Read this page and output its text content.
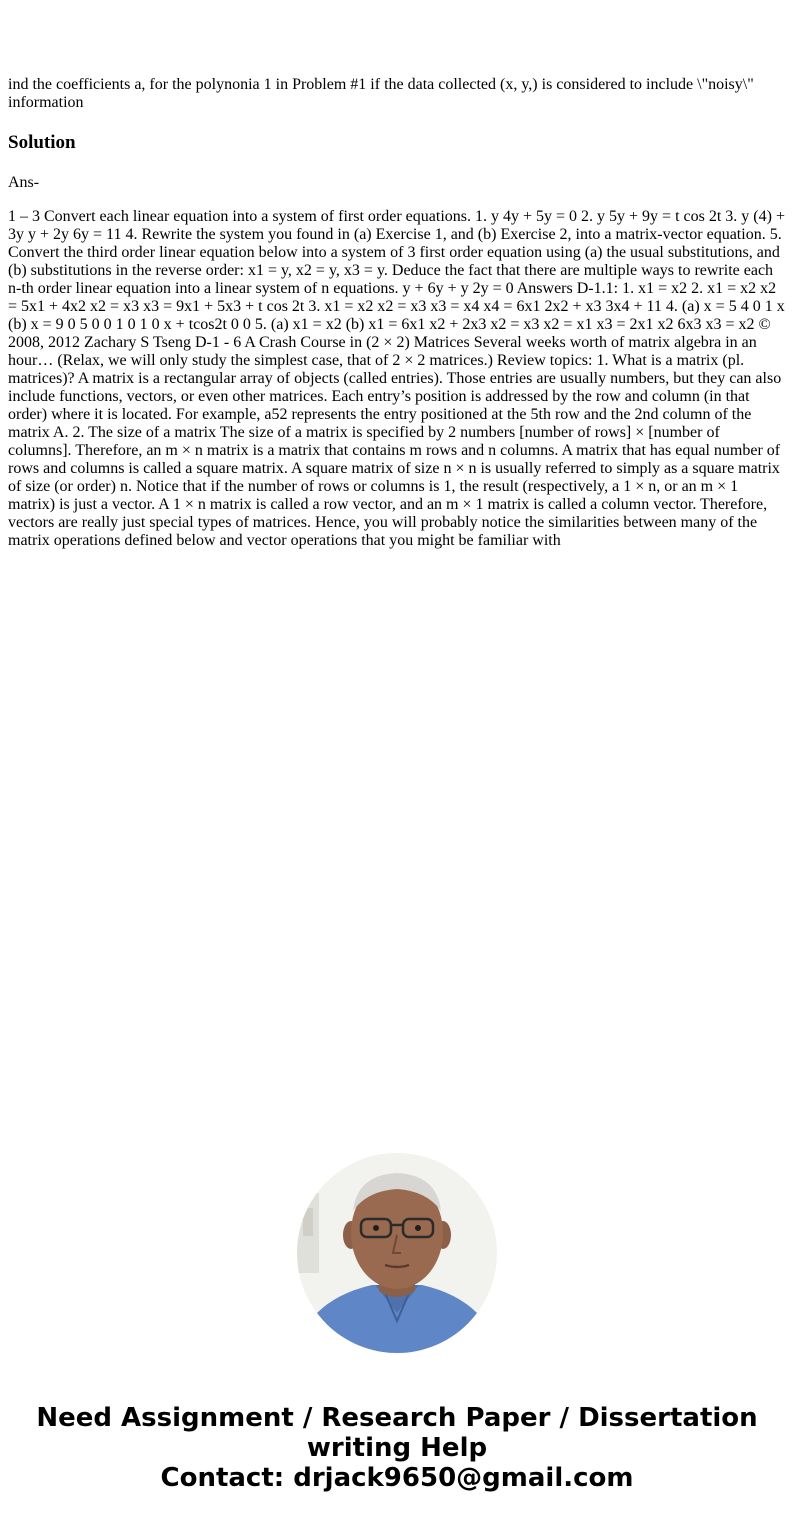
ind the coefficients a, for the polynonia 1 in Problem #1 if the data collected (x, y,) is considered to include \"noisy\" information

Solution

Ans-

1 – 3 Convert each linear equation into a system of first order equations. 1. y 4y + 5y = 0 2. y 5y + 9y = t cos 2t 3. y (4) + 3y y + 2y 6y = 11 4. Rewrite the system you found in (a) Exercise 1, and (b) Exercise 2, into a matrix-vector equation. 5. Convert the third order linear equation below into a system of 3 first order equation using (a) the usual substitutions, and (b) substitutions in the reverse order: x1 = y, x2 = y, x3 = y. Deduce the fact that there are multiple ways to rewrite each n-th order linear equation into a linear system of n equations. y + 6y + y 2y = 0 Answers D-1.1: 1. x1 = x2 2. x1 = x2 x2 = 5x1 + 4x2 x2 = x3 x3 = 9x1 + 5x3 + t cos 2t 3. x1 = x2 x2 = x3 x3 = x4 x4 = 6x1 2x2 + x3 3x4 + 11 4. (a) x = 5 4 0 1 x (b) x = 9 0 5 0 0 1 0 1 0 x + tcos2t 0 0 5. (a) x1 = x2 (b) x1 = 6x1 x2 + 2x3 x2 = x3 x2 = x1 x3 = 2x1 x2 6x3 x3 = x2 © 2008, 2012 Zachary S Tseng D-1 - 6 A Crash Course in (2 × 2) Matrices Several weeks worth of matrix algebra in an hour… (Relax, we will only study the simplest case, that of 2 × 2 matrices.) Review topics: 1. What is a matrix (pl. matrices)? A matrix is a rectangular array of objects (called entries). Those entries are usually numbers, but they can also include functions, vectors, or even other matrices. Each entry’s position is addressed by the row and column (in that order) where it is located. For example, a52 represents the entry positioned at the 5th row and the 2nd column of the matrix A. 2. The size of a matrix The size of a matrix is specified by 2 numbers [number of rows] × [number of columns]. Therefore, an m × n matrix is a matrix that contains m rows and n columns. A matrix that has equal number of rows and columns is called a square matrix. A square matrix of size n × n is usually referred to simply as a square matrix of size (or order) n. Notice that if the number of rows or columns is 1, the result (respectively, a 1 × n, or an m × 1 matrix) is just a vector. A 1 × n matrix is called a row vector, and an m × 1 matrix is called a column vector. Therefore, vectors are really just special types of matrices. Hence, you will probably notice the similarities between many of the matrix operations defined below and vector operations that you might be familiar with

Need Assignment / Research Paper / Dissertation
writing Help
Contact: drjack9650@gmail.com
